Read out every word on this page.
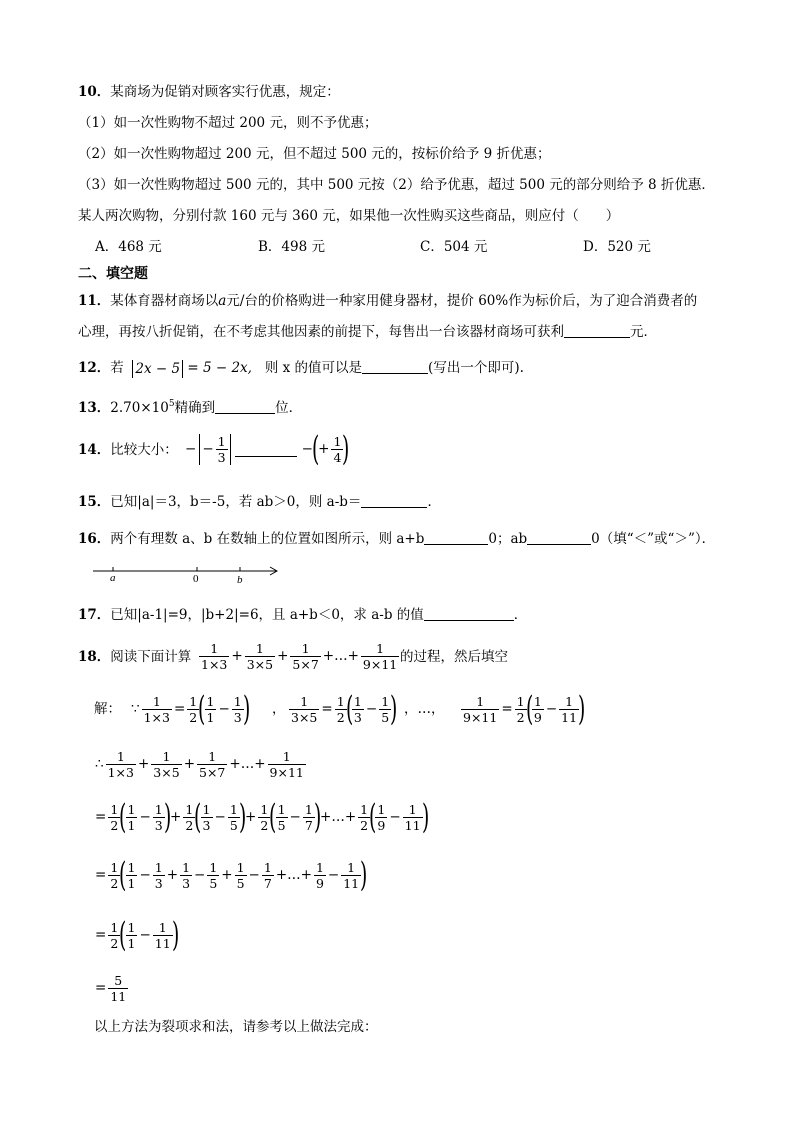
10．某商场为促销对顾客实行优惠，规定：
（1）如一次性购物不超过 200 元，则不予优惠；
（2）如一次性购物超过 200 元，但不超过 500 元的，按标价给予 9 折优惠；
（3）如一次性购物超过 500 元的，其中 500 元按（2）给予优惠，超过 500 元的部分则给予 8 折优惠．
某人两次购物，分别付款 160 元与 360 元，如果他一次性购买这些商品，则应付（　　）
A．468 元	B．498 元	C．504 元	D．520 元
二、填空题
11．某体育器材商场以a元/台的价格购进一种家用健身器材，提价 60%作为标价后，为了迎合消费者的
心理，再按八折促销，在不考虑其他因素的前提下，每售出一台该器材商场可获利	元．
12．若 2x − 5 = 5 − 2x, 则 x 的值可以是	(写出一个即可).
13．$2.70\times 10^5$精确到	位．
14．比较大小： − − $\frac{1}{3}$	−
(
+ $\frac{1}{4}$
)
15．已知|a|＝3，b＝-5，若 ab＞0，则 a-b＝	．
16．两个有理数 a、b 在数轴上的位置如图所示，则 a+b	0；ab	0（填“＜”或“＞”）．
a	0	b
17．已知|a-1|=9，|b+2|=6，且 a+b＜0，求 a-b 的值	．
18．阅读下面计算 $\frac{1}{1\times 3} + \frac{1}{3\times 5} + \frac{1}{5\times 7}$ +…+ $\frac{1}{9\times 11}$ 的过程，然后填空
解： ∵ $\frac{1}{1\times 3} = \frac{1}{2}$
(
$\frac{1}{1} - \frac{1}{3}$
) ， $\frac{1}{3\times 5} = \frac{1}{2}$
(
$\frac{1}{3} - \frac{1}{5}$
) ，…， $\frac{1}{9\times 11} = \frac{1}{2}$
(
$\frac{1}{9} - \frac{1}{11}$
)
∴ $\frac{1}{1\times 3} + \frac{1}{3\times 5} + \frac{1}{5\times 7}$ +…+ $\frac{1}{9\times 11}$
= $\frac{1}{2}$
(
$\frac{1}{1} - \frac{1}{3}$
)
+ $\frac{1}{2}$
(
$\frac{1}{3} - \frac{1}{5}$
)
+ $\frac{1}{2}$
(
$\frac{1}{5} - \frac{1}{7}$
)
+…+ $\frac{1}{2}$
(
$\frac{1}{9} - \frac{1}{11}$
)
= $\frac{1}{2}$
(
$\frac{1}{1} - \frac{1}{3} + \frac{1}{3} - \frac{1}{5} + \frac{1}{5} - \frac{1}{7}$ +…+ $\frac{1}{9} - \frac{1}{11}$
)
= $\frac{1}{2}$
(
$\frac{1}{1} - \frac{1}{11}$
)
= $\frac{5}{11}$
以上方法为裂项求和法，请参考以上做法完成：
